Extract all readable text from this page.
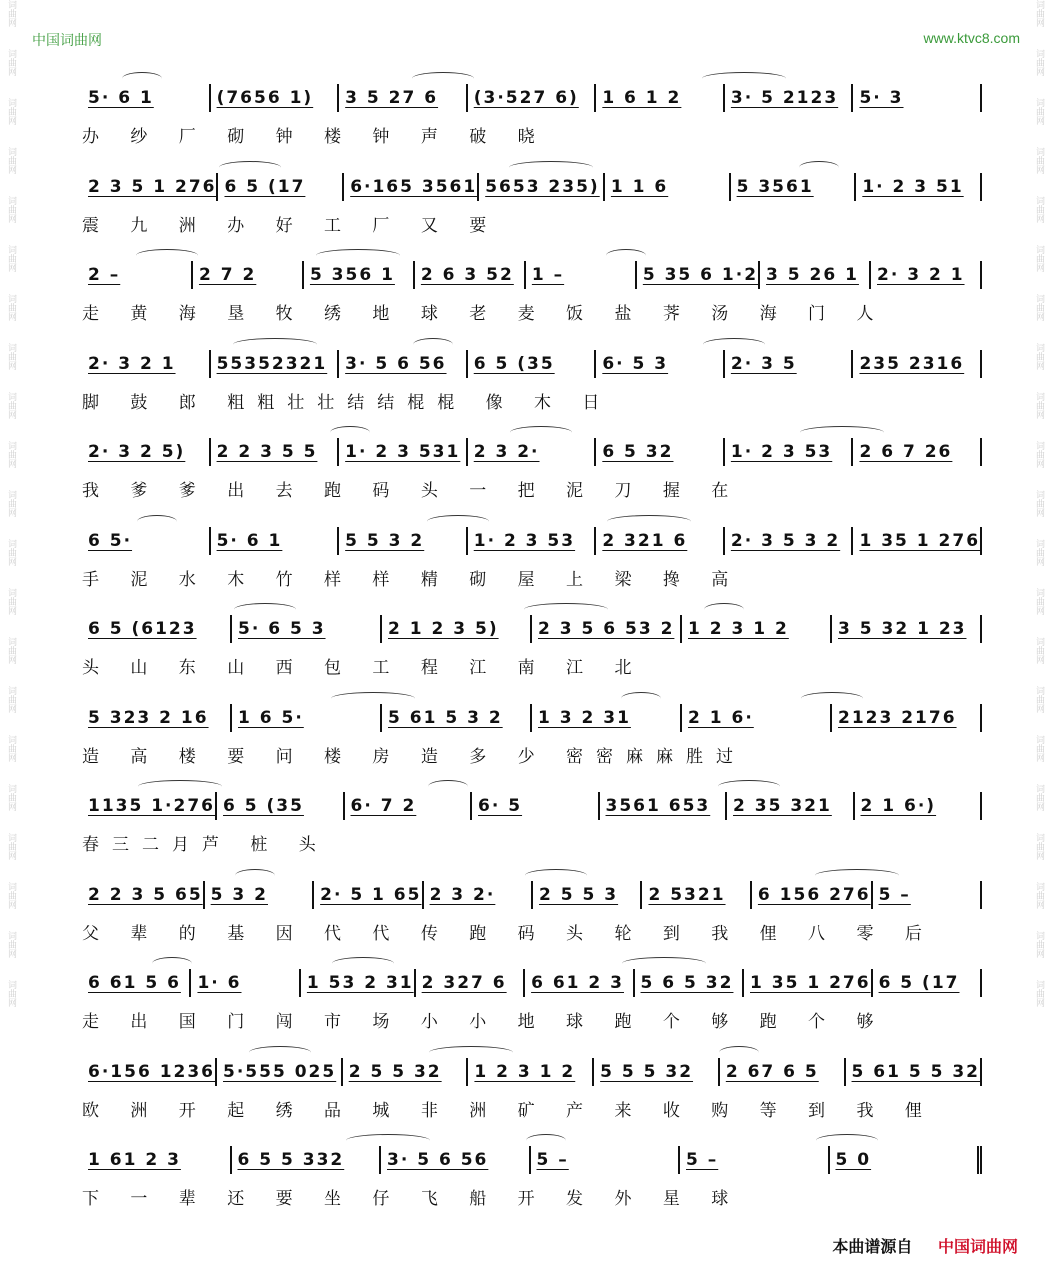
词曲网
词曲网
词曲网
词曲网
词曲网
词曲网
词曲网
词曲网
词曲网
词曲网
词曲网
词曲网
词曲网
词曲网
词曲网
词曲网
词曲网
词曲网
词曲网
词曲网
词曲网
词曲网
词曲网
词曲网
词曲网
词曲网
词曲网
词曲网
词曲网
词曲网
词曲网
词曲网
词曲网
词曲网
词曲网
词曲网
词曲网
词曲网
词曲网
词曲网
词曲网
词曲网
中国词曲网	www.ktvc8.com
5· 6 1	(7656 1) 3 5 27 6 (3·527 6) 1 6 1 2	3· 5 2123 5· 3
办 纱 厂 砌 钟 楼 钟 声 破 晓
2 3 5 1 276 6 5 (17	6·165 3561 5653 235) 1 1 6	5 3561	1· 2 3 51
震 九 洲 办 好 工 厂 又 要
2 –	2 7 2	5 356 1 2 6 3 52 1 –	5 35 6 1·2 3 5 26 1 2· 3 2 1
走 黄 海 垦 牧 绣 地 球 老 麦 饭 盐 荠 汤 海 门 人
2· 3 2 1 55352321 3· 5 6 56 6 5 (35	6· 5 3	2· 3 5	235 2316
脚 鼓 郎 粗粗壮壮结结棍棍 像 木 日
2· 3 2 5) 2 2 3 5 5 1· 2 3 531 2 3 2·	6 5 32	1· 2 3 53 2 6 7 26
我 爹 爹 出 去 跑 码 头 一 把 泥 刀 握 在
6 5·	5· 6 1	5 5 3 2	1· 2 3 53 2 321 6	2· 3 5 3 2 1 35 1 276
手 泥 水 木 竹 样 样 精 砌 屋 上 梁 搀 高
6 5 (6123 5· 6 5 3	2 1 2 3 5) 2 3 5 6 53 2 1 2 3 1 2	3 5 32 1 23
头 山 东 山 西 包 工 程 江 南 江 北
5 323 2 16 1 6 5·	5 61 5 3 2 1 3 2 31	2 1 6·	2123 2176
造 高 楼 要 问 楼 房 造 多 少 密密麻麻胜过
1135 1·276 6 5 (35	6· 7 2	6· 5	3561 653 2 35 321 2 1 6·)
春三二月芦 桩 头
2 2 3 5 65 5 3 2	2· 5 1 65 2 3 2·	2 5 5 3 2 5321 6 156 276 5 –
父 辈 的 基 因 代 代 传 跑 码 头 轮 到 我 俚 八 零 后
6 61 5 6 1· 6	1 53 2 31 2 327 6 6 61 2 3 5 6 5 32 1 35 1 276 6 5 (17
走 出 国 门 闯 市 场 小 小 地 球 跑 个 够 跑 个 够
6·156 1236 5·555 025 2 5 5 32 1 2 3 1 2 5 5 5 32 2 67 6 5 5 61 5 5 32
欧 洲 开 起 绣 品 城 非 洲 矿 产 来 收 购 等 到 我 俚
1 61 2 3	6 5 5 332	3· 5 6 56	5 –	5 –	5 0
下 一 辈 还 要 坐 仔 飞 船 开 发 外 星 球
本曲谱源自 中国词曲网
